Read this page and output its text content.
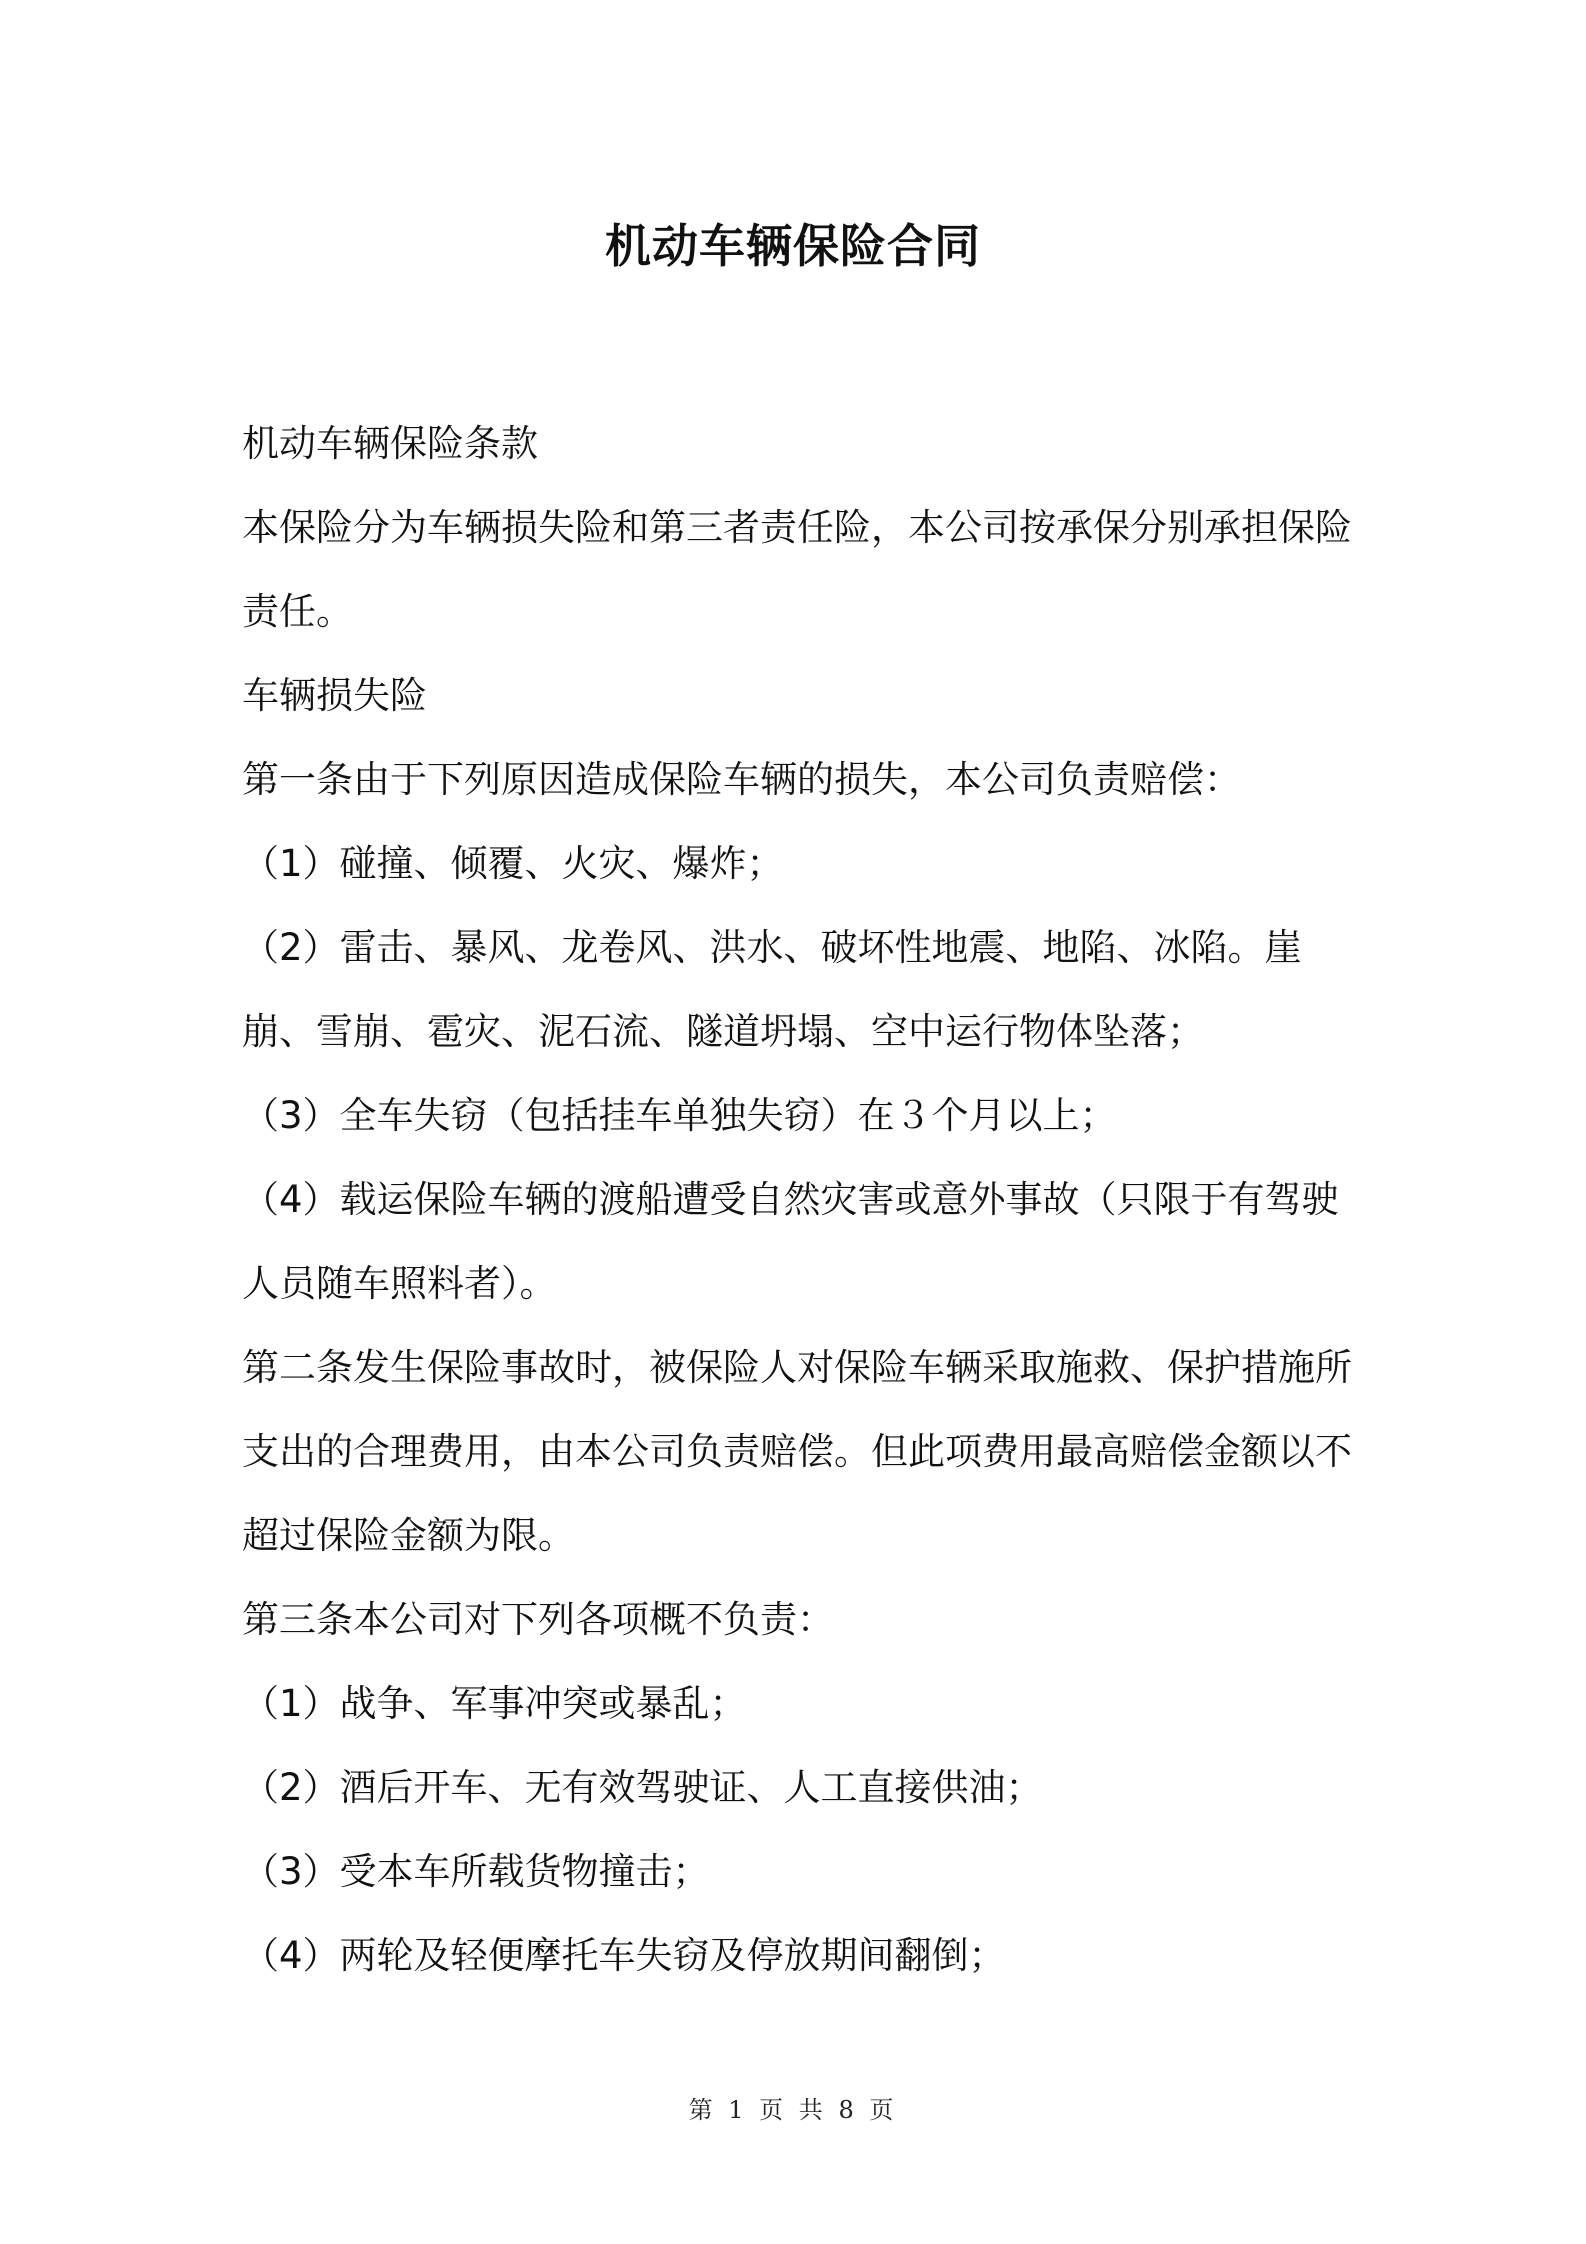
机动车辆保险合同

机动车辆保险条款

本保险分为车辆损失险和第三者责任险，本公司按承保分别承担保险责任。

车辆损失险

第一条由于下列原因造成保险车辆的损失，本公司负责赔偿：

（1）碰撞、倾覆、火灾、爆炸；

（2）雷击、暴风、龙卷风、洪水、破坏性地震、地陷、冰陷。崖崩、雪崩、雹灾、泥石流、隧道坍塌、空中运行物体坠落；

（3）全车失窃（包括挂车单独失窃）在３个月以上；

（4）载运保险车辆的渡船遭受自然灾害或意外事故（只限于有驾驶人员随车照料者）。

第二条发生保险事故时，被保险人对保险车辆采取施救、保护措施所支出的合理费用，由本公司负责赔偿。但此项费用最高赔偿金额以不超过保险金额为限。

第三条本公司对下列各项概不负责：

（1）战争、军事冲突或暴乱；

（2）酒后开车、无有效驾驶证、人工直接供油；

（3）受本车所载货物撞击；

（4）两轮及轻便摩托车失窃及停放期间翻倒；

第 1 页 共 8 页
